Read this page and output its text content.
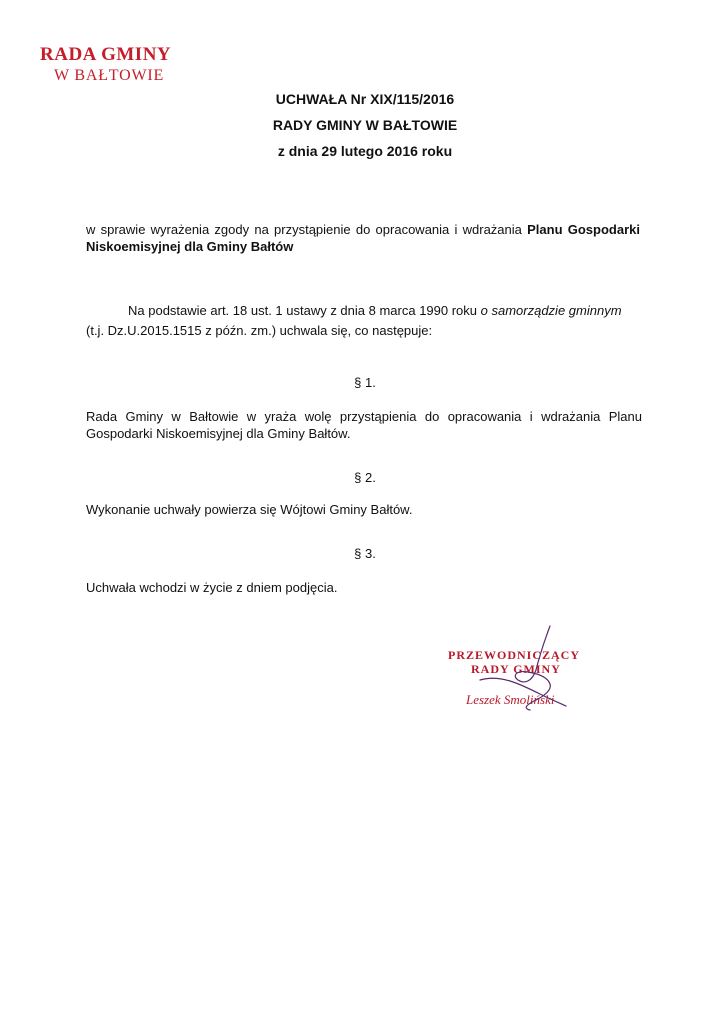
RADA GMINY
W BAŁTOWIE
UCHWAŁA Nr XIX/115/2016
RADY GMINY W BAŁTOWIE
z dnia 29 lutego 2016 roku
w sprawie wyrażenia zgody na przystąpienie do opracowania i wdrażania Planu Gospodarki Niskoemisyjnej dla Gminy Bałtów
Na podstawie art. 18 ust. 1 ustawy z dnia 8 marca 1990 roku o samorządzie gminnym (t.j. Dz.U.2015.1515 z późn. zm.) uchwala się, co następuje:
§ 1.
Rada Gminy w Bałtowie w yraża wolę przystąpienia do opracowania i wdrażania Planu Gospodarki Niskoemisyjnej dla Gminy Bałtów.
§ 2.
Wykonanie uchwały powierza się Wójtowi Gminy Bałtów.
§ 3.
Uchwała wchodzi w życie z dniem podjęcia.
PRZEWODNICZĄCY
RADY GMINY
Leszek Smoliński
